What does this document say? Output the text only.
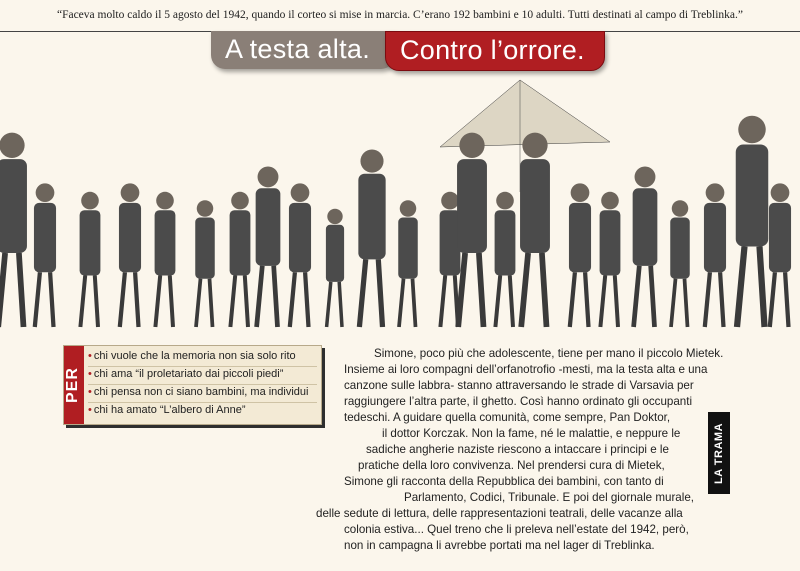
“Faceva molto caldo il 5 agosto del 1942, quando il corteo si mise in marcia. C’erano 192 bambini e 10 adulti. Tutti destinati al campo di Treblinka.”
A testa alta.	Contro l’orrore.
PER
• chi vuole che la memoria non sia solo rito
• chi ama “il proletariato dai piccoli piedi”
• chi pensa non ci siano bambini, ma individui
• chi ha amato “L’albero di Anne”
Simone, poco più che adolescente, tiene per mano il piccolo Mietek.
Insieme ai loro compagni dell’orfanotrofio -mesti, ma la testa alta e una
canzone sulle labbra- stanno attraversando le strade di Varsavia per
raggiungere l’altra parte, il ghetto. Così hanno ordinato gli occupanti
tedeschi. A guidare quella comunità, come sempre, Pan Doktor,
il dottor Korczak. Non la fame, né le malattie, e neppure le
sadiche angherie naziste riescono a intaccare i principi e le
pratiche della loro convivenza. Nel prendersi cura di Mietek,
Simone gli racconta della Repubblica dei bambini, con tanto di
Parlamento, Codici, Tribunale. E poi del giornale murale,
delle sedute di lettura, delle rappresentazioni teatrali, delle vacanze alla
colonia estiva... Quel treno che li preleva nell’estate del 1942, però,
non in campagna li avrebbe portati ma nel lager di Treblinka.
LA TRAMA
